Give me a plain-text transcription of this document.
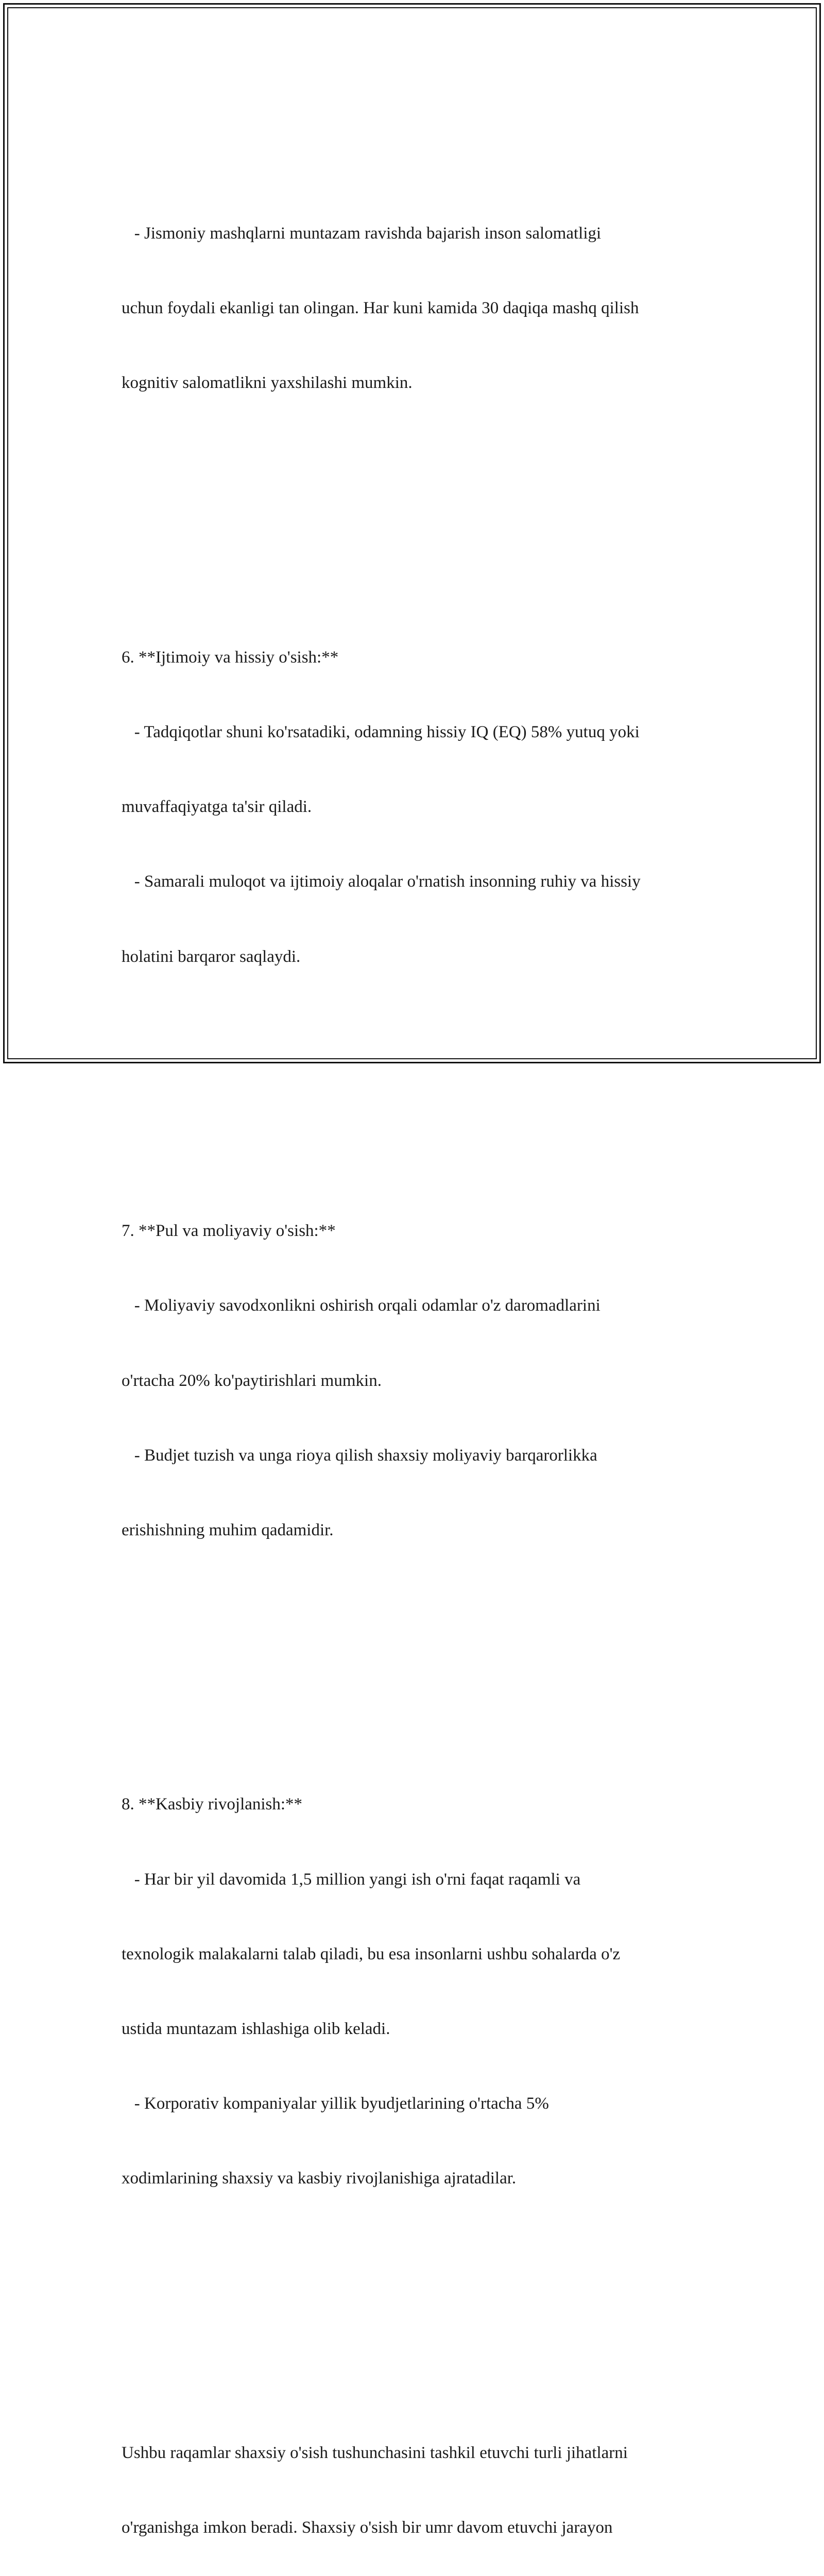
- Jismoniy mashqlarni muntazam ravishda bajarish inson salomatligi

uchun foydali ekanligi tan olingan. Har kuni kamida 30 daqiqa mashq qilish

kognitiv salomatlikni yaxshilashi mumkin.

6. **Ijtimoiy va hissiy o'sish:**

- Tadqiqotlar shuni ko'rsatadiki, odamning hissiy IQ (EQ) 58% yutuq yoki

muvaffaqiyatga ta'sir qiladi.

- Samarali muloqot va ijtimoiy aloqalar o'rnatish insonning ruhiy va hissiy

holatini barqaror saqlaydi.

7. **Pul va moliyaviy o'sish:**

- Moliyaviy savodxonlikni oshirish orqali odamlar o'z daromadlarini

o'rtacha 20% ko'paytirishlari mumkin.

- Budjet tuzish va unga rioya qilish shaxsiy moliyaviy barqarorlikka

erishishning muhim qadamidir.

8. **Kasbiy rivojlanish:**

- Har bir yil davomida 1,5 million yangi ish o'rni faqat raqamli va

texnologik malakalarni talab qiladi, bu esa insonlarni ushbu sohalarda o'z

ustida muntazam ishlashiga olib keladi.

- Korporativ kompaniyalar yillik byudjetlarining o'rtacha 5%

xodimlarining shaxsiy va kasbiy rivojlanishiga ajratadilar.

Ushbu raqamlar shaxsiy o'sish tushunchasini tashkil etuvchi turli jihatlarni

o'rganishga imkon beradi. Shaxsiy o'sish bir umr davom etuvchi jarayon
